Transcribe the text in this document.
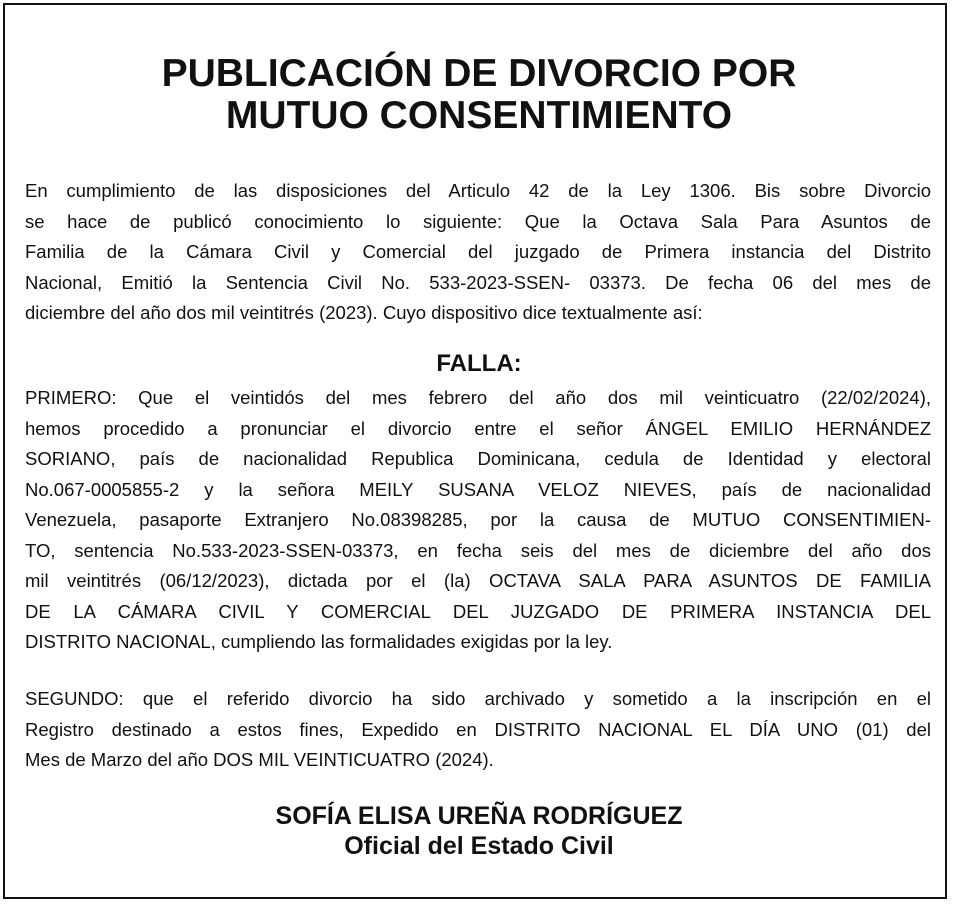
PUBLICACIÓN DE DIVORCIO POR
MUTUO CONSENTIMIENTO
En cumplimiento de las disposiciones del Articulo 42 de la Ley 1306. Bis sobre Divorcio
se hace de publicó conocimiento lo siguiente: Que la Octava Sala Para Asuntos de
Familia de la Cámara Civil y Comercial del juzgado de Primera instancia del Distrito
Nacional, Emitió la Sentencia Civil No. 533-2023-SSEN- 03373. De fecha 06 del mes de
diciembre del año dos mil veintitrés (2023). Cuyo dispositivo dice textualmente así:
FALLA:
PRIMERO: Que el veintidós del mes febrero del año dos mil veinticuatro (22/02/2024),
hemos procedido a pronunciar el divorcio entre el señor ÁNGEL EMILIO HERNÁNDEZ
SORIANO, país de nacionalidad Republica Dominicana, cedula de Identidad y electoral
No.067-0005855-2 y la señora MEILY SUSANA VELOZ NIEVES, país de nacionalidad
Venezuela, pasaporte Extranjero No.08398285, por la causa de MUTUO CONSENTIMIEN-
TO, sentencia No.533-2023-SSEN-03373, en fecha seis del mes de diciembre del año dos
mil veintitrés (06/12/2023), dictada por el (la) OCTAVA SALA PARA ASUNTOS DE FAMILIA
DE LA CÁMARA CIVIL Y COMERCIAL DEL JUZGADO DE PRIMERA INSTANCIA DEL
DISTRITO NACIONAL, cumpliendo las formalidades exigidas por la ley.
SEGUNDO: que el referido divorcio ha sido archivado y sometido a la inscripción en el
Registro destinado a estos fines, Expedido en DISTRITO NACIONAL EL DÍA UNO (01) del
Mes de Marzo del año DOS MIL VEINTICUATRO (2024).

SOFÍA ELISA UREÑA RODRÍGUEZ

Oficial del Estado Civil
